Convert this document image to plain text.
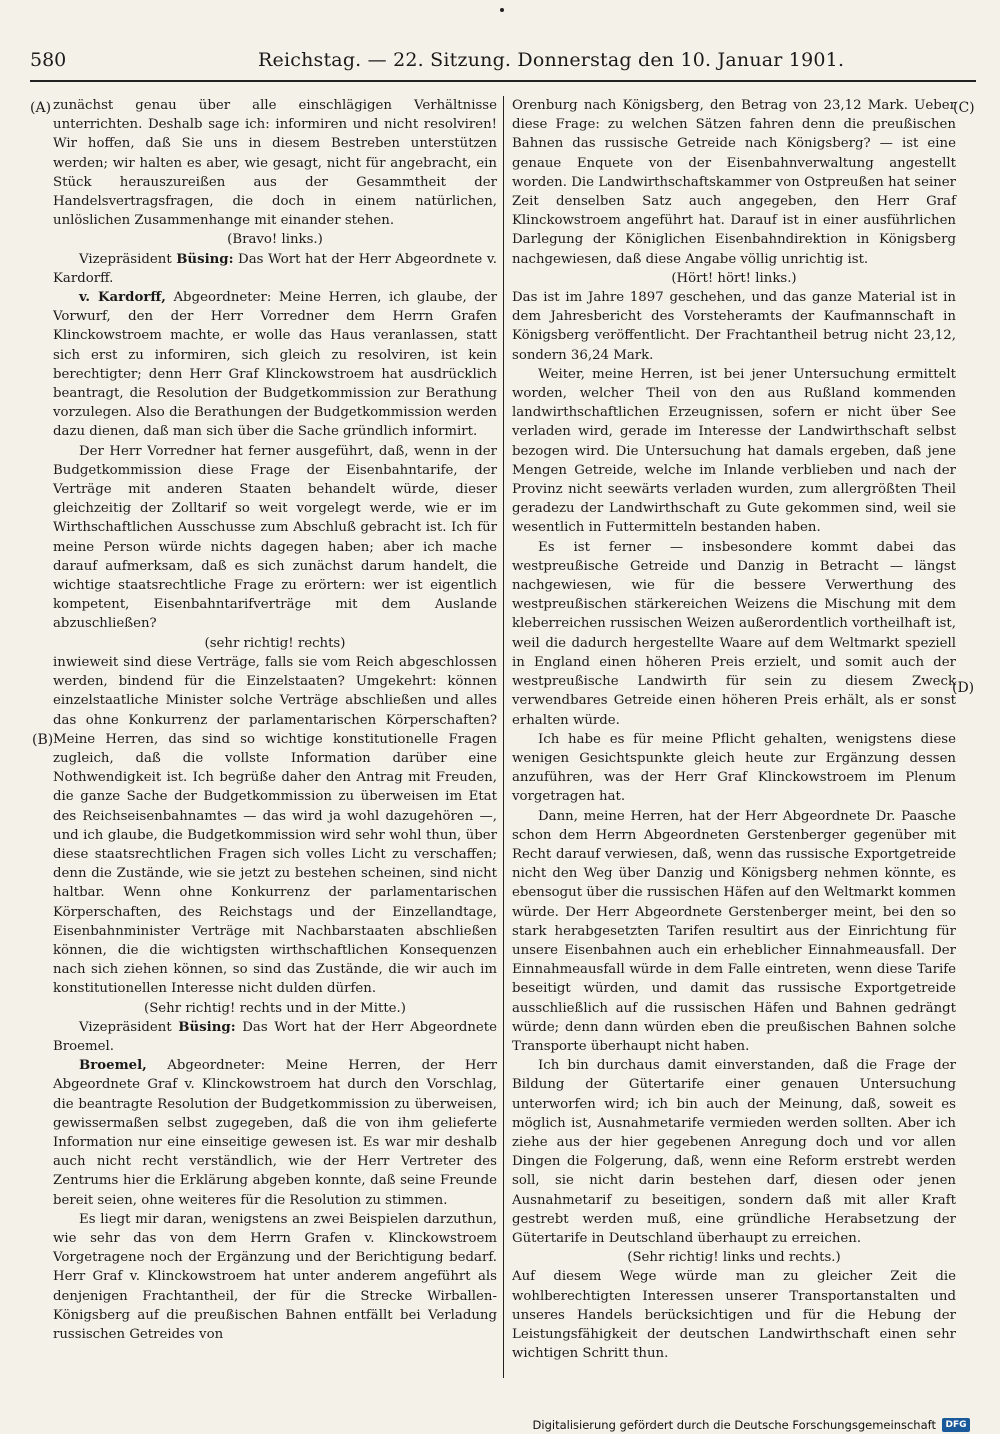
580	Reichstag. — 22. Sitzung. Donnerstag den 10. Januar 1901.
(A)
(B)
(C)
(D)

zunächst genau über alle einschlägigen Verhältnisse unterrichten. Deshalb sage ich: informiren und nicht resolviren! Wir hoffen, daß Sie uns in diesem Bestreben unterstützen werden; wir halten es aber, wie gesagt, nicht für angebracht, ein Stück herauszureißen aus der Gesammtheit der Handelsvertragsfragen, die doch in einem natürlichen, unlöslichen Zusammenhange mit einander stehen.

(Bravo! links.)

Vizepräsident Büsing: Das Wort hat der Herr Abgeordnete v. Kardorff.

v. Kardorff, Abgeordneter: Meine Herren, ich glaube, der Vorwurf, den der Herr Vorredner dem Herrn Grafen Klinckowstroem machte, er wolle das Haus veranlassen, statt sich erst zu informiren, sich gleich zu resolviren, ist kein berechtigter; denn Herr Graf Klinckowstroem hat ausdrücklich beantragt, die Resolution der Budgetkommission zur Berathung vorzulegen. Also die Berathungen der Budgetkommission werden dazu dienen, daß man sich über die Sache gründlich informirt.

Der Herr Vorredner hat ferner ausgeführt, daß, wenn in der Budgetkommission diese Frage der Eisenbahntarife, der Verträge mit anderen Staaten behandelt würde, dieser gleichzeitig der Zolltarif so weit vorgelegt werde, wie er im Wirthschaftlichen Ausschusse zum Abschluß gebracht ist. Ich für meine Person würde nichts dagegen haben; aber ich mache darauf aufmerksam, daß es sich zunächst darum handelt, die wichtige staatsrechtliche Frage zu erörtern: wer ist eigentlich kompetent, Eisenbahntarifverträge mit dem Auslande abzuschließen?

(sehr richtig! rechts)

inwieweit sind diese Verträge, falls sie vom Reich abgeschlossen werden, bindend für die Einzelstaaten? Umgekehrt: können einzelstaatliche Minister solche Verträge abschließen und alles das ohne Konkurrenz der parlamentarischen Körperschaften? Meine Herren, das sind so wichtige konstitutionelle Fragen zugleich, daß die vollste Information darüber eine Nothwendigkeit ist. Ich begrüße daher den Antrag mit Freuden, die ganze Sache der Budgetkommission zu überweisen im Etat des Reichseisenbahnamtes — das wird ja wohl dazugehören —, und ich glaube, die Budgetkommission wird sehr wohl thun, über diese staatsrechtlichen Fragen sich volles Licht zu verschaffen; denn die Zustände, wie sie jetzt zu bestehen scheinen, sind nicht haltbar. Wenn ohne Konkurrenz der parlamentarischen Körperschaften, des Reichstags und der Einzellandtage, Eisenbahnminister Verträge mit Nachbarstaaten abschließen können, die die wichtigsten wirthschaftlichen Konsequenzen nach sich ziehen können, so sind das Zustände, die wir auch im konstitutionellen Interesse nicht dulden dürfen.

(Sehr richtig! rechts und in der Mitte.)

Vizepräsident Büsing: Das Wort hat der Herr Abgeordnete Broemel.

Broemel, Abgeordneter: Meine Herren, der Herr Abgeordnete Graf v. Klinckowstroem hat durch den Vorschlag, die beantragte Resolution der Budgetkommission zu überweisen, gewissermaßen selbst zugegeben, daß die von ihm gelieferte Information nur eine einseitige gewesen ist. Es war mir deshalb auch nicht recht verständlich, wie der Herr Vertreter des Zentrums hier die Erklärung abgeben konnte, daß seine Freunde bereit seien, ohne weiteres für die Resolution zu stimmen.

Es liegt mir daran, wenigstens an zwei Beispielen darzuthun, wie sehr das von dem Herrn Grafen v. Klinckowstroem Vorgetragene noch der Ergänzung und der Berichtigung bedarf. Herr Graf v. Klinckowstroem hat unter anderem angeführt als denjenigen Frachtantheil, der für die Strecke Wirballen-Königsberg auf die preußischen Bahnen entfällt bei Verladung russischen Getreides von

Orenburg nach Königsberg, den Betrag von 23,12 Mark. Ueber diese Frage: zu welchen Sätzen fahren denn die preußischen Bahnen das russische Getreide nach Königsberg? — ist eine genaue Enquete von der Eisenbahnverwaltung angestellt worden. Die Landwirthschaftskammer von Ostpreußen hat seiner Zeit denselben Satz auch angegeben, den Herr Graf Klinckowstroem angeführt hat. Darauf ist in einer ausführlichen Darlegung der Königlichen Eisenbahndirektion in Königsberg nachgewiesen, daß diese Angabe völlig unrichtig ist.

(Hört! hört! links.)

Das ist im Jahre 1897 geschehen, und das ganze Material ist in dem Jahresbericht des Vorsteheramts der Kaufmannschaft in Königsberg veröffentlicht. Der Frachtantheil betrug nicht 23,12, sondern 36,24 Mark.

Weiter, meine Herren, ist bei jener Untersuchung ermittelt worden, welcher Theil von den aus Rußland kommenden landwirthschaftlichen Erzeugnissen, sofern er nicht über See verladen wird, gerade im Interesse der Landwirthschaft selbst bezogen wird. Die Untersuchung hat damals ergeben, daß jene Mengen Getreide, welche im Inlande verblieben und nach der Provinz nicht seewärts verladen wurden, zum allergrößten Theil geradezu der Landwirthschaft zu Gute gekommen sind, weil sie wesentlich in Futtermitteln bestanden haben.

Es ist ferner — insbesondere kommt dabei das westpreußische Getreide und Danzig in Betracht — längst nachgewiesen, wie für die bessere Verwerthung des westpreußischen stärkereichen Weizens die Mischung mit dem kleberreichen russischen Weizen außerordentlich vortheilhaft ist, weil die dadurch hergestellte Waare auf dem Weltmarkt speziell in England einen höheren Preis erzielt, und somit auch der westpreußische Landwirth für sein zu diesem Zweck verwendbares Getreide einen höheren Preis erhält, als er sonst erhalten würde.

Ich habe es für meine Pflicht gehalten, wenigstens diese wenigen Gesichtspunkte gleich heute zur Ergänzung dessen anzuführen, was der Herr Graf Klinckowstroem im Plenum vorgetragen hat.

Dann, meine Herren, hat der Herr Abgeordnete Dr. Paasche schon dem Herrn Abgeordneten Gerstenberger gegenüber mit Recht darauf verwiesen, daß, wenn das russische Exportgetreide nicht den Weg über Danzig und Königsberg nehmen könnte, es ebensogut über die russischen Häfen auf den Weltmarkt kommen würde. Der Herr Abgeordnete Gerstenberger meint, bei den so stark herabgesetzten Tarifen resultirt aus der Einrichtung für unsere Eisenbahnen auch ein erheblicher Einnahmeausfall. Der Einnahmeausfall würde in dem Falle eintreten, wenn diese Tarife beseitigt würden, und damit das russische Exportgetreide ausschließlich auf die russischen Häfen und Bahnen gedrängt würde; denn dann würden eben die preußischen Bahnen solche Transporte überhaupt nicht haben.

Ich bin durchaus damit einverstanden, daß die Frage der Bildung der Gütertarife einer genauen Untersuchung unterworfen wird; ich bin auch der Meinung, daß, soweit es möglich ist, Ausnahmetarife vermieden werden sollten. Aber ich ziehe aus der hier gegebenen Anregung doch und vor allen Dingen die Folgerung, daß, wenn eine Reform erstrebt werden soll, sie nicht darin bestehen darf, diesen oder jenen Ausnahmetarif zu beseitigen, sondern daß mit aller Kraft gestrebt werden muß, eine gründliche Herabsetzung der Gütertarife in Deutschland überhaupt zu erreichen.

(Sehr richtig! links und rechts.)

Auf diesem Wege würde man zu gleicher Zeit die wohlberechtigten Interessen unserer Transportanstalten und unseres Handels berücksichtigen und für die Hebung der Leistungsfähigkeit der deutschen Landwirthschaft einen sehr wichtigen Schritt thun.

Digitalisierung gefördert durch die Deutsche Forschungsgemeinschaft	DFG
